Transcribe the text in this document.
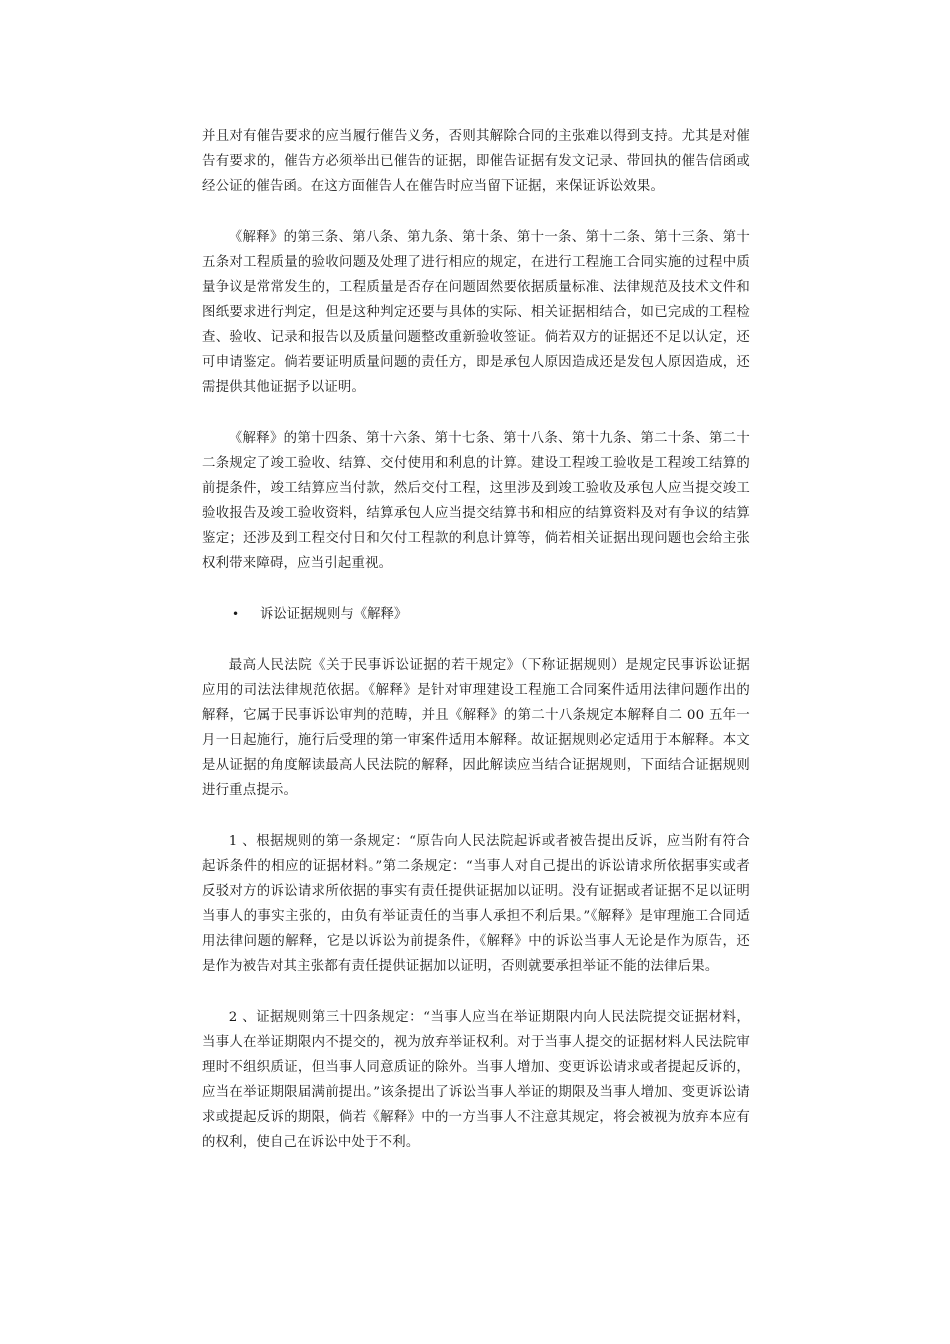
并且对有催告要求的应当履行催告义务，否则其解除合同的主张难以得到支持。尤其是对催告有要求的，催告方必须举出已催告的证据，即催告证据有发文记录、带回执的催告信函或经公证的催告函。在这方面催告人在催告时应当留下证据，来保证诉讼效果。

《解释》的第三条、第八条、第九条、第十条、第十一条、第十二条、第十三条、第十五条对工程质量的验收问题及处理了进行相应的规定，在进行工程施工合同实施的过程中质量争议是常常发生的，工程质量是否存在问题固然要依据质量标准、法律规范及技术文件和图纸要求进行判定，但是这种判定还要与具体的实际、相关证据相结合，如已完成的工程检查、验收、记录和报告以及质量问题整改重新验收签证。倘若双方的证据还不足以认定，还可申请鉴定。倘若要证明质量问题的责任方，即是承包人原因造成还是发包人原因造成，还需提供其他证据予以证明。

《解释》的第十四条、第十六条、第十七条、第十八条、第十九条、第二十条、第二十二条规定了竣工验收、结算、交付使用和利息的计算。建设工程竣工验收是工程竣工结算的前提条件，竣工结算应当付款，然后交付工程，这里涉及到竣工验收及承包人应当提交竣工验收报告及竣工验收资料，结算承包人应当提交结算书和相应的结算资料及对有争议的结算鉴定；还涉及到工程交付日和欠付工程款的利息计算等，倘若相关证据出现问题也会给主张权利带来障碍，应当引起重视。

•	诉讼证据规则与《解释》

最高人民法院《关于民事诉讼证据的若干规定》（下称证据规则）是规定民事诉讼证据应用的司法法律规范依据。《解释》是针对审理建设工程施工合同案件适用法律问题作出的解释，它属于民事诉讼审判的范畴，并且《解释》的第二十八条规定本解释自二 00 五年一月一日起施行，施行后受理的第一审案件适用本解释。故证据规则必定适用于本解释。本文是从证据的角度解读最高人民法院的解释，因此解读应当结合证据规则，下面结合证据规则进行重点提示。

1 、根据规则的第一条规定：“原告向人民法院起诉或者被告提出反诉，应当附有符合起诉条件的相应的证据材料。”第二条规定：“当事人对自己提出的诉讼请求所依据事实或者反驳对方的诉讼请求所依据的事实有责任提供证据加以证明。没有证据或者证据不足以证明当事人的事实主张的，由负有举证责任的当事人承担不利后果。”《解释》是审理施工合同适用法律问题的解释，它是以诉讼为前提条件，《解释》中的诉讼当事人无论是作为原告，还是作为被告对其主张都有责任提供证据加以证明，否则就要承担举证不能的法律后果。

2 、证据规则第三十四条规定：“当事人应当在举证期限内向人民法院提交证据材料，当事人在举证期限内不提交的，视为放弃举证权利。对于当事人提交的证据材料人民法院审理时不组织质证，但当事人同意质证的除外。当事人增加、变更诉讼请求或者提起反诉的，应当在举证期限届满前提出。”该条提出了诉讼当事人举证的期限及当事人增加、变更诉讼请求或提起反诉的期限，倘若《解释》中的一方当事人不注意其规定，将会被视为放弃本应有的权利，使自己在诉讼中处于不利。
